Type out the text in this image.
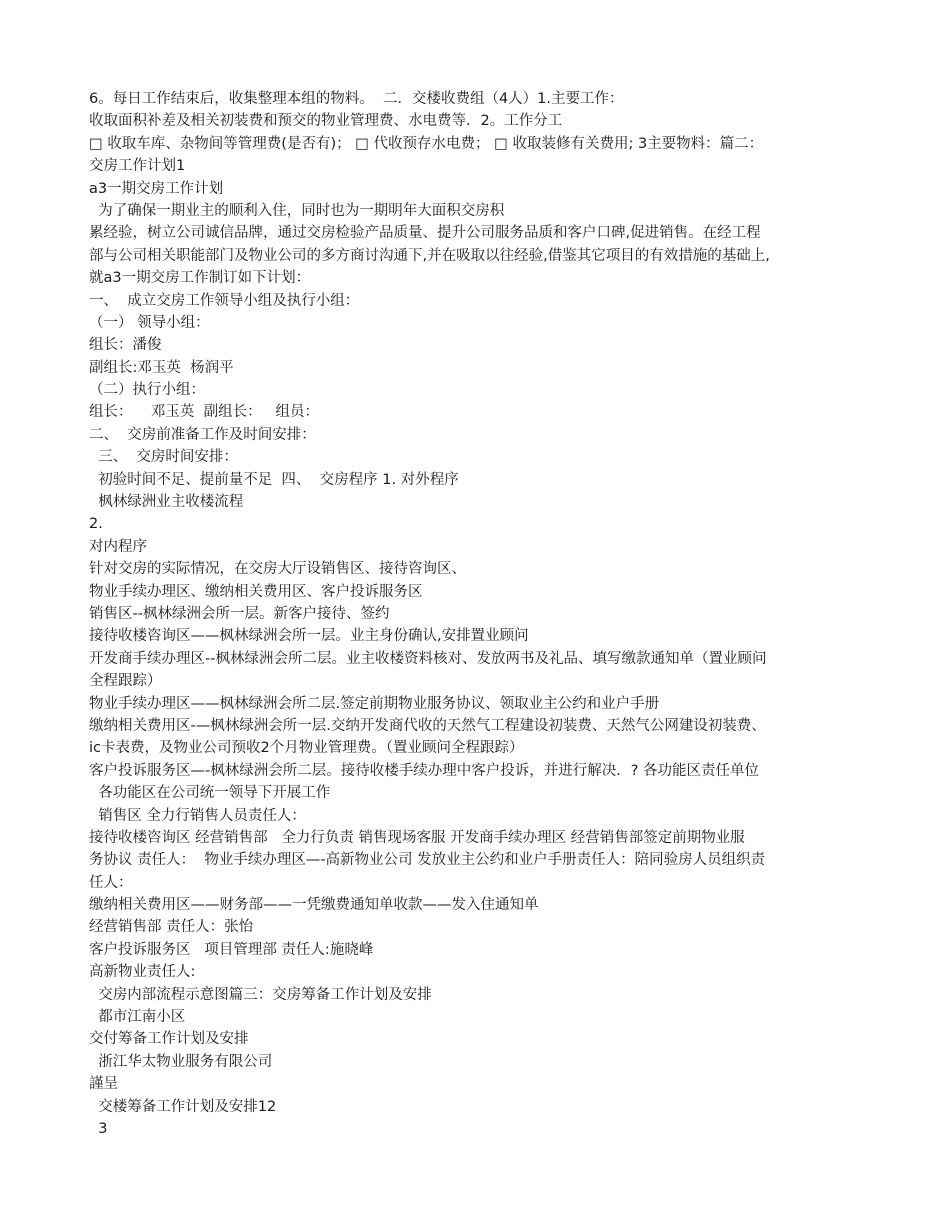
6。每日工作结束后，收集整理本组的物料。  二．交楼收费组（4人）1.主要工作：
收取面积补差及相关初装费和预交的物业管理费、水电费等．2。工作分工
□ 收取车库、杂物间等管理费(是否有)； □ 代收预存水电费； □ 收取装修有关费用; 3主要物料：篇二：
交房工作计划1
a3一期交房工作计划
为了确保一期业主的顺利入住，同时也为一期明年大面积交房积
累经验，树立公司诚信品牌，通过交房检验产品质量、提升公司服务品质和客户口碑,促进销售。在经工程
部与公司相关职能部门及物业公司的多方商讨沟通下,并在吸取以往经验,借鉴其它项目的有效措施的基础上,
就a3一期交房工作制订如下计划：
一、  成立交房工作领导小组及执行小组：
（一） 领导小组：
组长：潘俊
副组长:邓玉英  杨润平
（二）执行小组：
组长：    邓玉英  副组长：   组员：
二、  交房前准备工作及时间安排：
三、  交房时间安排：
初验时间不足、提前量不足  四、  交房程序 1. 对外程序
枫林绿洲业主收楼流程
2.
对内程序
针对交房的实际情况，在交房大厅设销售区、接待咨询区、
物业手续办理区、缴纳相关费用区、客户投诉服务区
销售区--枫林绿洲会所一层。新客户接待、签约
接待收楼咨询区——枫林绿洲会所一层。业主身份确认,安排置业顾问
开发商手续办理区--枫林绿洲会所二层。业主收楼资料核对、发放两书及礼品、填写缴款通知单（置业顾问
全程跟踪）
物业手续办理区——枫林绿洲会所二层.签定前期物业服务协议、领取业主公约和业户手册
缴纳相关费用区-—枫林绿洲会所一层.交纳开发商代收的天然气工程建设初装费、天然气公网建设初装费、
ic卡表费，及物业公司预收2个月物业管理费。（置业顾问全程跟踪）
客户投诉服务区—-枫林绿洲会所二层。接待收楼手续办理中客户投诉，并进行解决．? 各功能区责任单位
各功能区在公司统一领导下开展工作
销售区 全力行销售人员责任人：
接待收楼咨询区 经营销售部   全力行负责 销售现场客服 开发商手续办理区 经营销售部签定前期物业服
务协议 责任人：  物业手续办理区—-高新物业公司 发放业主公约和业户手册责任人：陪同验房人员组织责
任人：
缴纳相关费用区——财务部——一凭缴费通知单收款——发入住通知单
经营销售部 责任人：张怡
客户投诉服务区   项目管理部 责任人:施晓峰
高新物业责任人:
交房内部流程示意图篇三：交房筹备工作计划及安排
都市江南小区
交付筹备工作计划及安排
浙江华太物业服务有限公司
謹呈
交楼筹备工作计划及安排12
3
